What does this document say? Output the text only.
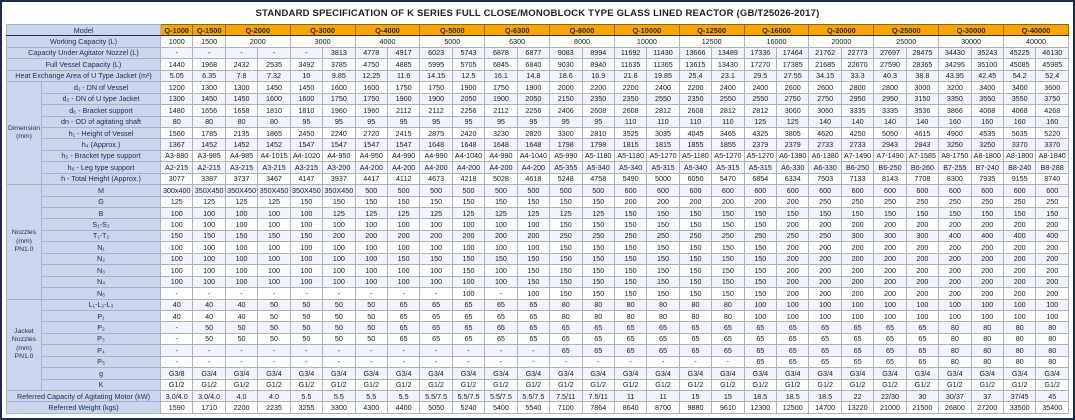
STANDARD SPECIFICATION OF K SERIES FULL CLOSE/MONOBLOCK TYPE GLASS LINED REACTOR (GB/T25026-2017)
Model		Q-1000	Q-1500	Q-2000		Q-3000		Q-4000		Q-5000		Q-6300		Q-8000		Q-10000		Q-12500		Q-16000		Q-20000		Q-25000		Q-30000		Q-40000	
Working Capacity (L)		1000	1500	2000		3000		4000		5000		6300		8000		10000		12500		16000		20000		25000		30000		40000	
Capacity Under Agitator Nozzel (L)		-	-	-	-	-	3813	4778	4917	6023	5743	6878	6877	9083	8994	11692	11430	13666	13489	17336	17464	21762	22773	27697	28475	34430	35243	45225	46130
Full Vessel Capacity (L)		1440	1968	2432	2535	3492	3785	4750	4885	5995	5705	6845	6840	9030	8940	11635	11365	13615	13430	17270	17385	21685	22670	27590	28365	34295	35100	45085	45985
Heat Exchange Area of U Type Jacket (m²)		5.05	6.35	7.8	7.32	10	9.85	12.25	11.6	14.15	12.5	16.1	14.8	18.6	16.9	21.8	19.85	25.4	23.1	29.5	27.55	34.15	33.3	40.3	38.8	43.95	42.45	54.2	52.4
Dimension (mm)	d₁ - DN of Vessel	1200	1300	1300	1450	1450	1600	1600	1750	1750	1900	1750	1900	2000	2200	2200	2400	2200	2400	2400	2600	2600	2800	2800	3000	3200	3400	3400	3600
	d₂ - DN of U type Jacket	1300	1450	1450	1600	1600	1750	1750	1900	1900	2050	1900	2050	2150	2350	2350	2550	2350	2550	2550	2750	2750	2950	2950	3150	3350	3550	3550	3750
	d₆ - Bracket support	1480	1656	1658	1810	1810	1960	1960	2112	2112	2256	2112	2256	2406	2608	2608	2812	2608	2812	2812	3060	3060	3335	3335	3536	3866	4068	4068	4268
	dn - OD of agitating shaft	80	80	80	80	95	95	95	95	95	95	95	95	95	95	110	110	110	110	125	125	140	140	140	140	160	160	160	160
	h₁ - Height of Vessel	1560	1785	2135	1865	2450	2240	2720	2415	2875	2420	3230	2820	3300	2810	3525	3035	4045	3465	4325	3805	4620	4250	5050	4615	4900	4535	5635	5220
	h₄ (Approx.)	1367	1452	1452	1452	1547	1547	1547	1547	1648	1648	1648	1648	1798	1798	1815	1815	1855	1855	2379	2379	2733	2733	2943	2943	3250	3250	3370	3370
	h₅ - Bracket type support	A3-880	A3-985	A4-985	A4-1015	A4-1020	A4-950	A4-950	A4-990	A4-990	A4-1040	A4-990	A4-1040	A5-990	A5-1180	A5-1180	A5-1270	A5-1180	A5-1270	A5-1270	A6-1380	A6-1380	A7-1490	A7-1490	A7-1585	A8-1750	A8-1800	A8-1800	A8-1840
	h₆ - Leg type support	A2-215	A2-215	A3-215	A3-215	A3-215	A3-200	A4-200	A4-200	A4-200	A4-200	A4-200	A4-200	A5-355	A5-340	A5-340	A5-315	A5-340	A5-315	A5-315	A6-330	A6-330	B6-250	B6-250	B6-260	B7-255	B7-240	B8-240	B8-288
	h - Total Height (Approx.)	3077	3387	3737	3467	4147	3937	4417	4112	4673	4218	5028	4618	5248	4758	5490	5000	6050	5470	6854	6334	7503	7133	8143	7708	8300	7935	9155	8740
Nozzles (mm) PN1.0	M	300x400	350X450	350X450	350X450	350X450	350X450	500	500	500	500	500	500	500	500	600	600	600	600	600	600	600	600	600	600	600	600	600	600
	G	125	125	125	125	150	150	150	150	150	150	150	150	150	150	200	200	200	200	200	200	250	250	250	250	250	250	250	250
	B	100	100	100	100	100	125	125	125	125	125	125	125	125	125	150	150	150	150	150	150	150	150	150	150	150	150	150	150
	S₁-S₂	100	100	100	100	100	100	100	100	100	100	100	100	150	150	150	150	150	150	150	200	200	200	200	200	200	200	200	200
	T₁-T₂	150	150	150	150	150	200	200	200	200	200	200	200	250	250	250	250	250	250	250	250	250	300	300	300	400	400	400	400
	N₁	100	100	100	100	100	100	100	100	100	100	100	100	150	150	150	150	150	150	150	200	200	200	200	200	200	200	200	200
	N₂	100	100	100	100	100	100	100	150	150	150	150	150	150	150	150	150	150	150	150	200	200	200	200	200	200	200	200	200
	N₃	100	100	100	100	100	100	100	100	100	150	100	150	150	150	150	150	150	150	150	200	200	200	200	200	200	200	200	200
	N₄	100	100	100	100	100	100	100	100	100	100	100	150	150	150	150	150	150	150	150	200	200	200	200	200	200	200	200	200
	N₅	-	-	-	-	-	-	-	-	-	100	-	100	150	150	150	150	150	150	150	200	200	200	200	200	200	200	200	200
Jacket Nozzles (mm) PN1.0	L₁-L₂-L₃	40	40	40	50	50	50	50	65	65	65	65	65	80	80	80	80	80	80	100	100	100	100	100	100	100	100	100	100
	P₁	40	40	40	50	50	50	50	65	65	65	65	65	80	80	80	80	80	80	100	100	100	100	100	100	100	100	100	100
	P₂	-	50	50	50	50	50	50	65	65	65	65	65	65	65	65	65	65	65	65	65	65	65	65	65	80	80	80	80
	P₃	-	50	50	50	50	50	50	65	65	65	65	65	65	65	65	65	65	65	65	65	65	65	65	65	80	80	80	80
	P₄	-	-	-	-	-	-	-	-	-	-	-	-	65	65	65	65	65	65	65	65	65	65	65	65	80	80	80	80
	P₅	-	-	-	-	-	-	-	-	-	-	-	-	-	-	-	-	-	-	65	65	65	65	65	65	80	80	80	80
	g	G3/8	G3/4	G3/4	G3/4	G3/4	G3/4	G3/4	G3/4	G3/4	G3/4	G3/4	G3/4	G3/4	G3/4	G3/4	G3/4	G3/4	G3/4	G3/4	G3/4	G3/4	G3/4	G3/4	G3/4	G3/4	G3/4	G3/4	G3/4
	K	G1/2	G1/2	G1/2	G1/2	G1/2	G1/2	G1/2	G1/2	G1/2	G1/2	G1/2	G1/2	G1/2	G1/2	G1/2	G1/2	G1/2	G1/2	G1/2	G1/2	G1/2	G1/2	G1/2	G1/2	G1/2	G1/2	G1/2	G1/2
Referred Capacity of Agitating Motor (kW)		3.0/4.0	3.0/4.0	4.0	4.0	5.5	5.5	5.5	5.5	5.5/7.5	5.5/7.5	5.5/7.5	5.5/7.5	7.5/11	7.5/11	11	11	15	15	18.5	18.5	18.5	22	22/30	30	30/37	37	37/45	45
Referred Weight (kgs)		1590	1710	2200	2235	3255	3300	4300	4400	5050	5240	5400	5540	7100	7864	8640	8700	9880	9610	12300	12500	14700	13220	21000	21500	26800	27200	33500	35400
